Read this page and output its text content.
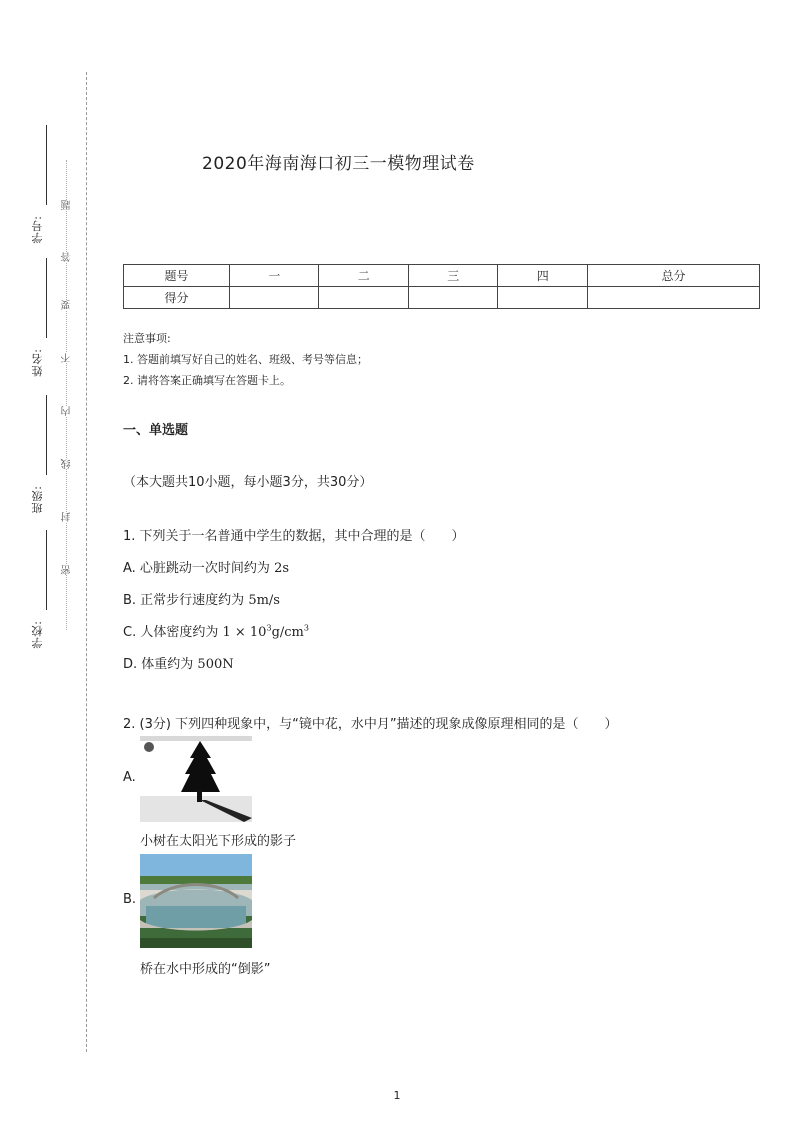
学号:
姓名:
班级:
学校:
密
封
线
内
不
要
答
题
2020年海南海口初三一模物理试卷
题号	一	二	三	四	总分
得分					
注意事项:
1. 答题前填写好自己的姓名、班级、考号等信息；
2. 请将答案正确填写在答题卡上。
一、单选题
（本大题共10小题，每小题3分，共30分）
1. 下列关于一名普通中学生的数据，其中合理的是（　　）
A. 心脏跳动一次时间约为 2s
B. 正常步行速度约为 5m/s
C. 人体密度约为 $1 \times 10^3g/cm^3$
D. 体重约为 500N
2. (3分) 下列四种现象中，与“镜中花，水中月”描述的现象成像原理相同的是（　　）
A.
小树在太阳光下形成的影子
B.
桥在水中形成的“倒影”
1
